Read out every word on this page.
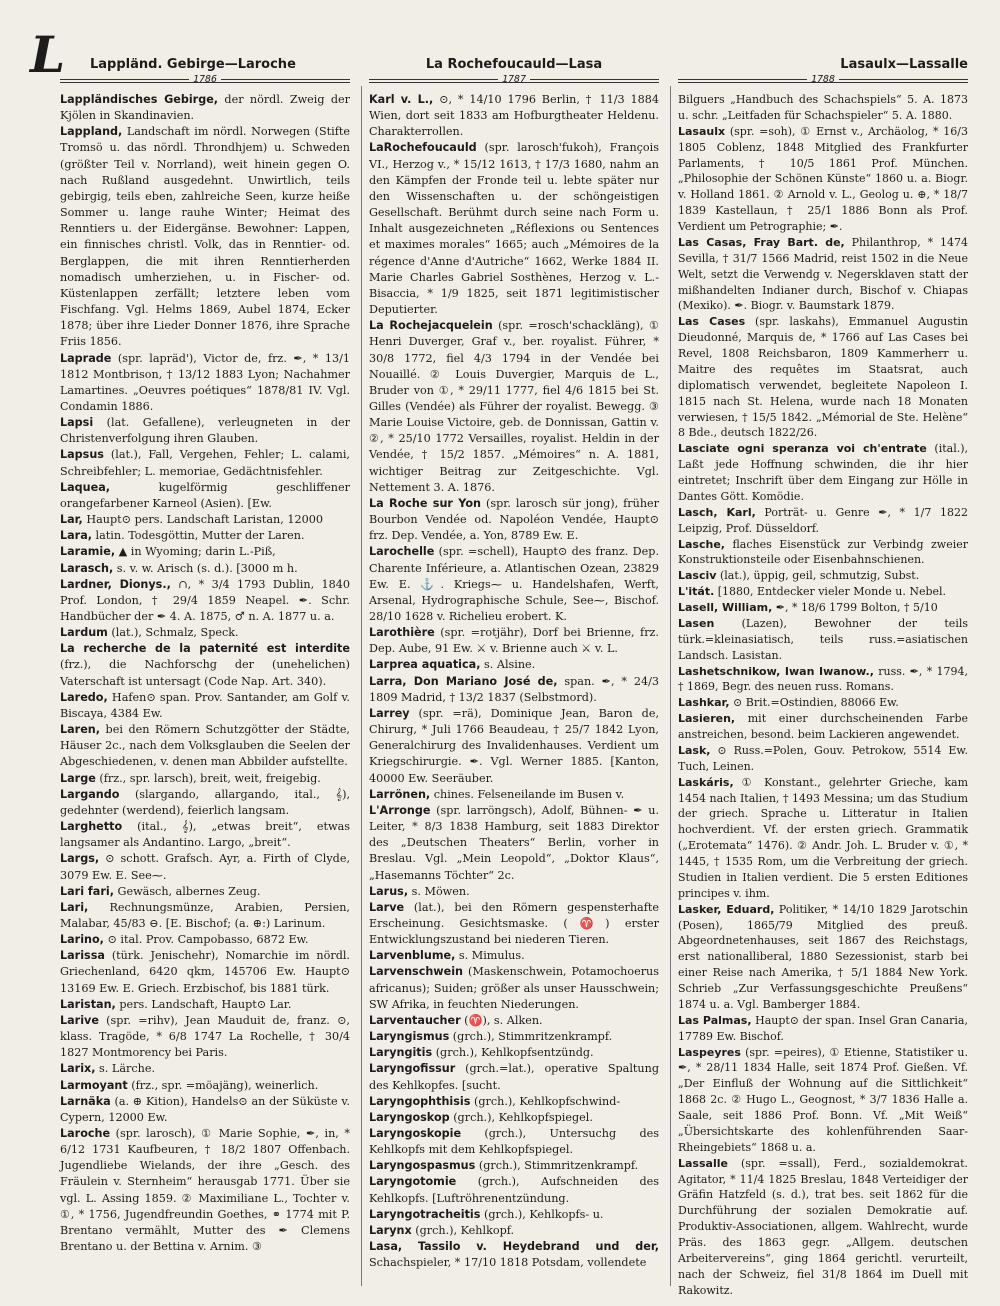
L	Lappländ. Gebirge—Laroche
1786

Lappländisches Gebirge, der nördl. Zweig der Kjölen in Skandinavien.

Lappland, Landschaft im nördl. Norwegen (Stifte Tromsö u. das nördl. Throndhjem) u. Schweden (größter Teil v. Norrland), weit hinein gegen O. nach Rußland ausgedehnt. Unwirtlich, teils gebirgig, teils eben, zahlreiche Seen, kurze heiße Sommer u. lange rauhe Winter; Heimat des Renntiers u. der Eidergänse. Bewohner: Lappen, ein finnisches christl. Volk, das in Renntier- od. Berglappen, die mit ihren Renntierherden nomadisch umherziehen, u. in Fischer- od. Küstenlappen zerfällt; letztere leben vom Fischfang. Vgl. Helms 1869, Aubel 1874, Ecker 1878; über ihre Lieder Donner 1876, ihre Sprache Friis 1856.

Laprade (spr. lapräd'), Victor de, frz. ✒, * 13/1 1812 Montbrison, † 13/12 1883 Lyon; Nachahmer Lamartines. „Oeuvres poétiques“ 1878/81 IV. Vgl. Condamin 1886.

Lapsi (lat. Gefallene), verleugneten in der Christenverfolgung ihren Glauben.

Lapsus (lat.), Fall, Vergehen, Fehler; L. calami, Schreibfehler; L. memoriae, Gedächtnisfehler.

Laquea, kugelförmig geschliffener orangefarbener Karneol (Asien). [Ew.

Lar, Haupt⊙ pers. Landschaft Laristan, 12000

Lara, latin. Todesgöttin, Mutter der Laren.

Laramie, ▲ in Wyoming; darin L.-Piß,

Larasch, s. v. w. Arisch (s. d.). [3000 m h.

Lardner, Dionys., ∩, * 3/4 1793 Dublin, 1840 Prof. London, † 29/4 1859 Neapel. ✒. Schr. Handbücher der ✒ 4. A. 1875, ♂ n. A. 1877 u. a.

Lardum (lat.), Schmalz, Speck.

La recherche de la paternité est interdite (frz.), die Nachforschg der (unehelichen) Vaterschaft ist untersagt (Code Nap. Art. 340).

Laredo, Hafen⊙ span. Prov. Santander, am Golf v. Biscaya, 4384 Ew.

Laren, bei den Römern Schutzgötter der Städte, Häuser 2c., nach dem Volksglauben die Seelen der Abgeschiedenen, v. denen man Abbilder aufstellte.

Large (frz., spr. larsch), breit, weit, freigebig.

Largando (slargando, allargando, ital., 𝄞), gedehnter (werdend), feierlich langsam.

Larghetto (ital., 𝄞), „etwas breit“, etwas langsamer als Andantino. Largo, „breit“.

Largs, ⊙ schott. Grafsch. Ayr, a. Firth of Clyde, 3079 Ew. E. See⁓.

Lari fari, Gewäsch, albernes Zeug.

Lari, Rechnungsmünze, Arabien, Persien, Malabar, 45/83 ⊖. [E. Bischof; (a. ⊕:) Larinum.

Larino, ⊙ ital. Prov. Campobasso, 6872 Ew.

Larissa (türk. Jenischehr), Nomarchie im nördl. Griechenland, 6420 qkm, 145706 Ew. Haupt⊙ 13169 Ew. E. Griech. Erzbischof, bis 1881 türk.

Laristan, pers. Landschaft, Haupt⊙ Lar.

Larive (spr. =rihv), Jean Mauduit de, franz. ⊙, klass. Tragöde, * 6/8 1747 La Rochelle, † 30/4 1827 Montmorency bei Paris.

Larix, s. Lärche.

Larmoyant (frz., spr. =möajäng), weinerlich.

Larnäka (a. ⊕ Kition), Handels⊙ an der Süküste v. Cypern, 12000 Ew.

Laroche (spr. larosch), ① Marie Sophie, ✒, in, * 6/12 1731 Kaufbeuren, † 18/2 1807 Offenbach. Jugendliebe Wielands, der ihre „Gesch. des Fräulein v. Sternheim“ herausgab 1771. Über sie vgl. L. Assing 1859. ② Maximiliane L., Tochter v. ①, * 1756, Jugendfreundin Goethes, ⚭ 1774 mit P. Brentano vermählt, Mutter des ✒ Clemens Brentano u. der Bettina v. Arnim. ③

La Rochefoucauld—Lasa
1787

Karl v. L., ⊙, * 14/10 1796 Berlin, † 11/3 1884 Wien, dort seit 1833 am Hofburgtheater Heldenu. Charakterrollen.

LaRochefoucauld (spr. larosch'fukoh), François VI., Herzog v., * 15/12 1613, † 17/3 1680, nahm an den Kämpfen der Fronde teil u. lebte später nur den Wissenschaften u. der schöngeistigen Gesellschaft. Berühmt durch seine nach Form u. Inhalt ausgezeichneten „Réflexions ou Sentences et maximes morales“ 1665; auch „Mémoires de la régence d'Anne d'Autriche“ 1662, Werke 1884 II. Marie Charles Gabriel Sosthènes, Herzog v. L.-Bisaccia, * 1/9 1825, seit 1871 legitimistischer Deputierter.

La Rochejacquelein (spr. =rosch'schackläng), ① Henri Duverger, Graf v., ber. royalist. Führer, * 30/8 1772, fiel 4/3 1794 in der Vendée bei Nouaillé. ② Louis Duvergier, Marquis de L., Bruder von ①, * 29/11 1777, fiel 4/6 1815 bei St. Gilles (Vendée) als Führer der royalist. Bewegg. ③ Marie Louise Victoire, geb. de Donnissan, Gattin v. ②, * 25/10 1772 Versailles, royalist. Heldin in der Vendée, † 15/2 1857. „Mémoires“ n. A. 1881, wichtiger Beitrag zur Zeitgeschichte. Vgl. Nettement 3. A. 1876.

La Roche sur Yon (spr. larosch sür jong), früher Bourbon Vendée od. Napoléon Vendée, Haupt⊙ frz. Dep. Vendée, a. Yon, 8789 Ew. E.

Larochelle (spr. =schell), Haupt⊙ des franz. Dep. Charente Inférieure, a. Atlantischen Ozean, 23829 Ew. E. ⚓. Kriegs⁓ u. Handelshafen, Werft, Arsenal, Hydrographische Schule, See⁓, Bischof. 28/10 1628 v. Richelieu erobert. K.

Larothière (spr. =rotjähr), Dorf bei Brienne, frz. Dep. Aube, 91 Ew. ⚔ v. Brienne auch ⚔ v. L.

Larprea aquatica, s. Alsine.

Larra, Don Mariano José de, span. ✒, * 24/3 1809 Madrid, † 13/2 1837 (Selbstmord).

Larrey (spr. =rä), Dominique Jean, Baron de, Chirurg, * Juli 1766 Beaudeau, † 25/7 1842 Lyon, Generalchirurg des Invalidenhauses. Verdient um Kriegschirurgie. ✒. Vgl. Werner 1885. [Kanton, 40000 Ew. Seeräuber.

Larrönen, chines. Felseneilande im Busen v.

L'Arronge (spr. larröngsch), Adolf, Bühnen- ✒ u. Leiter, * 8/3 1838 Hamburg, seit 1883 Direktor des „Deutschen Theaters“ Berlin, vorher in Breslau. Vgl. „Mein Leopold“, „Doktor Klaus“, „Hasemanns Töchter“ 2c.

Larus, s. Möwen.

Larve (lat.), bei den Römern gespensterhafte Erscheinung. Gesichtsmaske. (♈) erster Entwicklungszustand bei niederen Tieren.

Larvenblume, s. Mimulus.

Larvenschwein (Maskenschwein, Potamochoerus africanus); Suiden; größer als unser Hausschwein; SW Afrika, in feuchten Niederungen.

Larventaucher (♈), s. Alken.

Laryngismus (grch.), Stimmritzenkrampf.

Laryngitis (grch.), Kehlkopfsentzündg.

Laryngofissur (grch.=lat.), operative Spaltung des Kehlkopfes. [sucht.

Laryngophthisis (grch.), Kehlkopfschwind-

Laryngoskop (grch.), Kehlkopfspiegel.

Laryngoskopie (grch.), Untersuchg des Kehlkopfs mit dem Kehlkopfspiegel.

Laryngospasmus (grch.), Stimmritzenkrampf.

Laryngotomie (grch.), Aufschneiden des Kehlkopfs. [Luftröhrenentzündung.

Laryngotracheitis (grch.), Kehlkopfs- u.

Larynx (grch.), Kehlkopf.

Lasa, Tassilo v. Heydebrand und der, Schachspieler, * 17/10 1818 Potsdam, vollendete

Lasaulx—Lassalle
1788

Bilguers „Handbuch des Schachspiels“ 5. A. 1873 u. schr. „Leitfaden für Schachspieler“ 5. A. 1880.

Lasaulx (spr. =soh), ① Ernst v., Archäolog, * 16/3 1805 Coblenz, 1848 Mitglied des Frankfurter Parlaments, † 10/5 1861 Prof. München. „Philosophie der Schönen Künste“ 1860 u. a. Biogr. v. Holland 1861. ② Arnold v. L., Geolog u. ⊕, * 18/7 1839 Kastellaun, † 25/1 1886 Bonn als Prof. Verdient um Petrographie; ✒.

Las Casas, Fray Bart. de, Philanthrop, * 1474 Sevilla, † 31/7 1566 Madrid, reist 1502 in die Neue Welt, setzt die Verwendg v. Negersklaven statt der mißhandelten Indianer durch, Bischof v. Chiapas (Mexiko). ✒. Biogr. v. Baumstark 1879.

Las Cases (spr. laskahs), Emmanuel Augustin Dieudonné, Marquis de, * 1766 auf Las Cases bei Revel, 1808 Reichsbaron, 1809 Kammerherr u. Maitre des requêtes im Staatsrat, auch diplomatisch verwendet, begleitete Napoleon I. 1815 nach St. Helena, wurde nach 18 Monaten verwiesen, † 15/5 1842. „Mémorial de Ste. Helène“ 8 Bde., deutsch 1822/26.

Lasciate ogni speranza voi ch'entrate (ital.), Laßt jede Hoffnung schwinden, die ihr hier eintretet; Inschrift über dem Eingang zur Hölle in Dantes Gött. Komödie.

Lasch, Karl, Porträt- u. Genre ✒, * 1/7 1822 Leipzig, Prof. Düsseldorf.

Lasche, flaches Eisenstück zur Verbindg zweier Konstruktionsteile oder Eisenbahnschienen.

Lasciv (lat.), üppig, geil, schmutzig, Subst.

L'itát. [1880, Entdecker vieler Monde u. Nebel.

Lasell, William, ✒, * 18/6 1799 Bolton, † 5/10

Lasen (Lazen), Bewohner der teils türk.=kleinasiatisch, teils russ.=asiatischen Landsch. Lasistan.

Lashetschnikow, Iwan Iwanow., russ. ✒, * 1794, † 1869, Begr. des neuen russ. Romans.

Lashkar, ⊙ Brit.=Ostindien, 88066 Ew.

Lasieren, mit einer durchscheinenden Farbe anstreichen, besond. beim Lackieren angewendet.

Lask, ⊙ Russ.=Polen, Gouv. Petrokow, 5514 Ew. Tuch, Leinen.

Laskáris, ① Konstant., gelehrter Grieche, kam 1454 nach Italien, † 1493 Messina; um das Studium der griech. Sprache u. Litteratur in Italien hochverdient. Vf. der ersten griech. Grammatik („Erotemata“ 1476). ② Andr. Joh. L. Bruder v. ①, * 1445, † 1535 Rom, um die Verbreitung der griech. Studien in Italien verdient. Die 5 ersten Editiones principes v. ihm.

Lasker, Eduard, Politiker, * 14/10 1829 Jarotschin (Posen), 1865/79 Mitglied des preuß. Abgeordnetenhauses, seit 1867 des Reichstags, erst nationalliberal, 1880 Sezessionist, starb bei einer Reise nach Amerika, † 5/1 1884 New York. Schrieb „Zur Verfassungsgeschichte Preußens“ 1874 u. a. Vgl. Bamberger 1884.

Las Palmas, Haupt⊙ der span. Insel Gran Canaria, 17789 Ew. Bischof.

Laspeyres (spr. =peires), ① Etienne, Statistiker u. ✒, * 28/11 1834 Halle, seit 1874 Prof. Gießen. Vf. „Der Einfluß der Wohnung auf die Sittlichkeit“ 1868 2c. ② Hugo L., Geognost, * 3/7 1836 Halle a. Saale, seit 1886 Prof. Bonn. Vf. „Mit Weiß“ „Übersichtskarte des kohlenführenden Saar-Rheingebiets“ 1868 u. a.

Lassalle (spr. =ssall), Ferd., sozialdemokrat. Agitator, * 11/4 1825 Breslau, 1848 Verteidiger der Gräfin Hatzfeld (s. d.), trat bes. seit 1862 für die Durchführung der sozialen Demokratie auf. Produktiv-Associationen, allgem. Wahlrecht, wurde Präs. des 1863 gegr. „Allgem. deutschen Arbeitervereins“, ging 1864 gerichtl. verurteilt, nach der Schweiz, fiel 31/8 1864 im Duell mit Rakowitz.
